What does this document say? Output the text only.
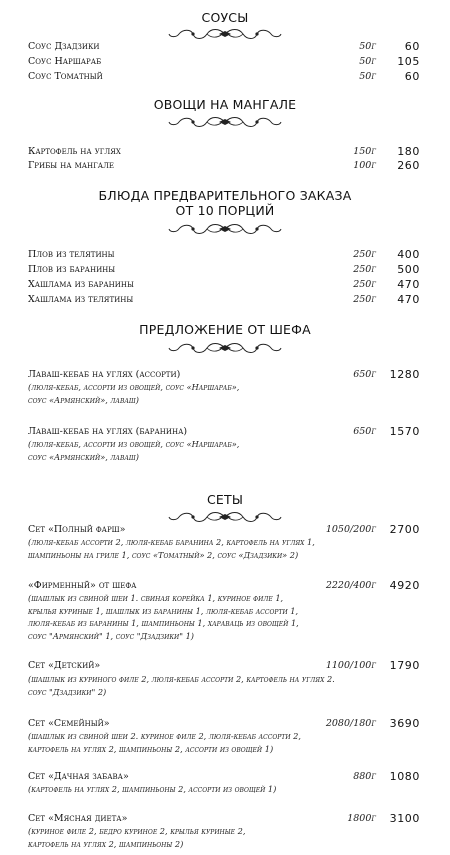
СОУСЫ
Соус Дзадзики	50г	60
Соус Наршараб	50г	105
Соус Томатный	50г	60
ОВОЩИ НА МАНГАЛЕ
Картофель на углях	150г	180
Грибы на мангале	100г	260
БЛЮДА ПРЕДВАРИТЕЛЬНОГО ЗАКАЗА
ОТ 10 ПОРЦИЙ
Плов из телятины	250г	400
Плов из баранины	250г	500
Хашлама из баранины	250г	470
Хашлама из телятины	250г	470
ПРЕДЛОЖЕНИЕ ОТ ШЕФА
Лаваш-кебаб на углях (ассорти)	650г	1280
(люля-кебаб, ассорти из овощей, соус «Наршараб»,
соус «Армянский», лаваш)
Лаваш-кебаб на углях (баранина)	650г	1570
(люля-кебаб, ассорти из овощей, соус «Наршараб»,
соус «Армянский», лаваш)
СЕТЫ
Сет «Полный фарш»	1050/200г	2700
(люля-кебаб ассорти 2, люля-кебаб баранина 2, картофель на углях 1,
шампиньоны на гриле 1, соус «Томатный» 2, соус «Дзадзики» 2)
«Фирменный» от шефа	2220/400г	4920
(шашлык из свиной шеи 1. свиная корейка 1, куриное филе 1,
крылья куриные 1, шашлык из баранины 1, люля-кебаб ассорти 1,
люля-кебаб из баранины 1, шампиньоны 1, хараваць из овощей 1,
соус "Армянский" 1, соус "Дзадзики" 1)
Сет «Детский»	1100/100г	1790
(шашлык из куриного филе 2, люля-кебаб ассорти 2, картофель на углях 2.
соус "Дзадзики" 2)
Сет «Семейный»	2080/180г	3690
(шашлык из свиной шеи 2. куриное филе 2, люля-кебаб ассорти 2,
картофель на углях 2, шампиньоны 2, ассорти из овощей 1)
Сет «Дачная забава»	880г	1080
(картофель на углях 2, шампиньоны 2, ассорти из овощей 1)
Сет «Мясная диета»	1800г	3100
(куриное филе 2, бедро куриное 2, крылья куриные 2,
картофель на углях 2, шампиньоны 2)
